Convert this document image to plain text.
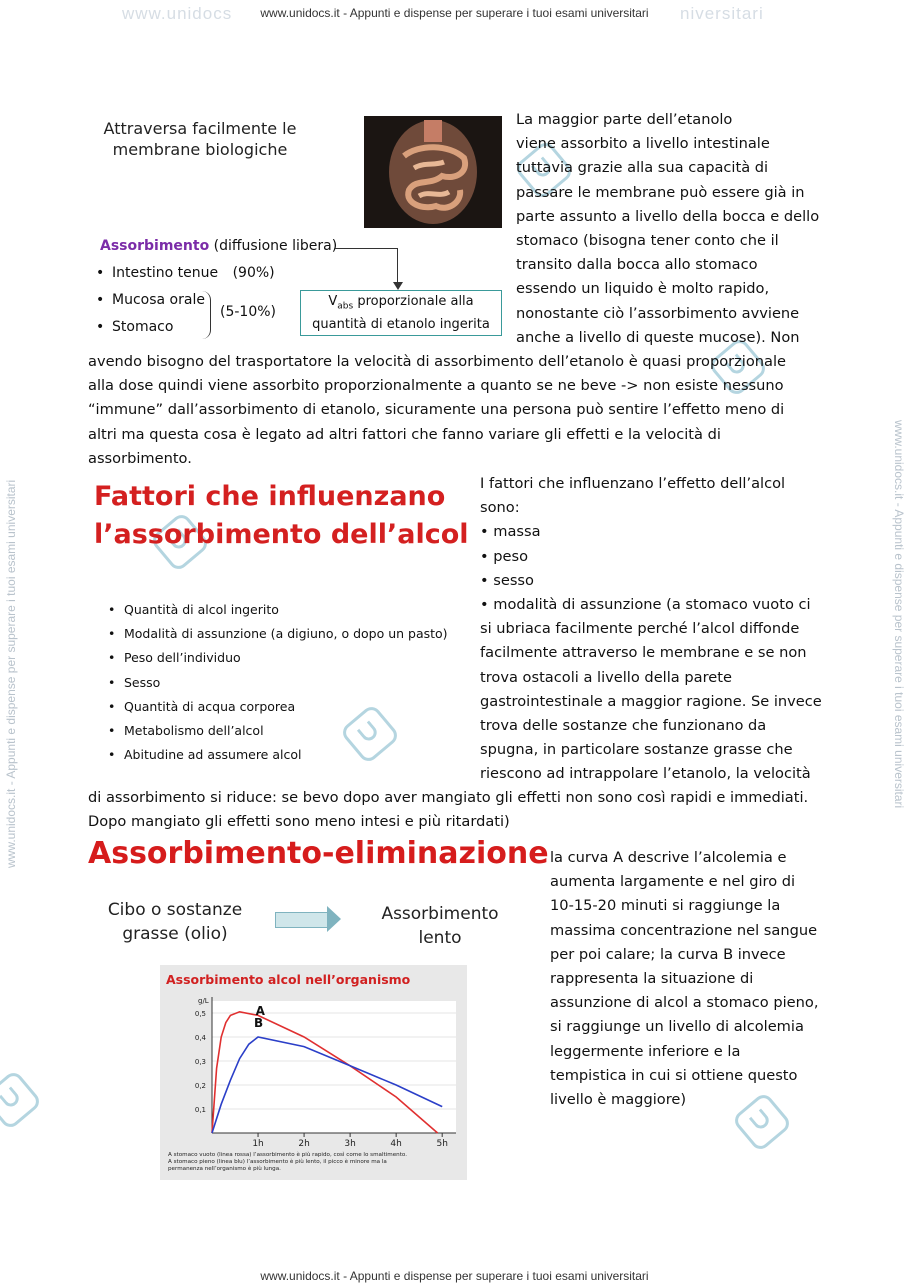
www.unidocs www.unidocs.it - Appunti e dispense per superare i tuoi esami universitari niversitari
www.unidocs.it - Appunti e dispense per superare i tuoi esami universitari
www.unidocs.it - Appunti e dispense per superare i tuoi esami universitari	www.unidocs.it - Appunti e dispense per superare i tuoi esami universitari
Attraversa facilmente le
membrane biologiche
Assorbimento (diffusione libera)
• Intestino tenue (90%)
• Mucosa orale
• Stomaco
(5-10%)
$V_{abs}$ proporzionale alla
quantità di etanolo ingerita
La maggior parte dell’etanolo
viene assorbito a livello intestinale
tuttavia grazie alla sua capacità di
passare le membrane può essere già in
parte assunto a livello della bocca e dello
stomaco (bisogna tener conto che il
transito dalla bocca allo stomaco
essendo un liquido è molto rapido,
nonostante ciò l’assorbimento avviene
anche a livello di queste mucose). Non
avendo bisogno del trasportatore la velocità di assorbimento dell’etanolo è quasi proporzionale
alla dose quindi viene assorbito proporzionalmente a quanto se ne beve -> non esiste nessuno
“immune” dall’assorbimento di etanolo, sicuramente una persona può sentire l’effetto meno di
altri ma questa cosa è legato ad altri fattori che fanno variare gli effetti e la velocità di
assorbimento.
Fattori che influenzano
l’assorbimento dell’alcol
• Quantità di alcol ingerito
• Modalità di assunzione (a digiuno, o dopo un pasto)
• Peso dell’individuo
• Sesso
• Quantità di acqua corporea
• Metabolismo dell’alcol
• Abitudine ad assumere alcol
I fattori che influenzano l’effetto dell’alcol
sono:
• massa
• peso
• sesso
• modalità di assunzione (a stomaco vuoto ci
si ubriaca facilmente perché l’alcol diffonde
facilmente attraverso le membrane e se non
trova ostacoli a livello della parete
gastrointestinale a maggior ragione. Se invece
trova delle sostanze che funzionano da
spugna, in particolare sostanze grasse che
riescono ad intrappolare l’etanolo, la velocità
di assorbimento si riduce: se bevo dopo aver mangiato gli effetti non sono così rapidi e immediati.
Dopo mangiato gli effetti sono meno intesi e più ritardati)
Assorbimento-eliminazione
Cibo o sostanze
grasse (olio)
Assorbimento
lento
Assorbimento alcol nell’organismo
0,1
0,2
0,3
0,4
0,5
1h	2h	3h	4h	5h
g/L
A
B
A stomaco vuoto (linea rossa) l’assorbimento è più rapido, così come lo smaltimento.
A stomaco pieno (linea blu) l’assorbimento è più lento, il picco è minore ma la
permanenza nell’organismo è più lunga.
la curva A descrive l’alcolemia e
aumenta largamente e nel giro di
10-15-20 minuti si raggiunge la
massima concentrazione nel sangue
per poi calare; la curva B invece
rappresenta la situazione di
assunzione di alcol a stomaco pieno,
si raggiunge un livello di alcolemia
leggermente inferiore e la
tempistica in cui si ottiene questo
livello è maggiore)
